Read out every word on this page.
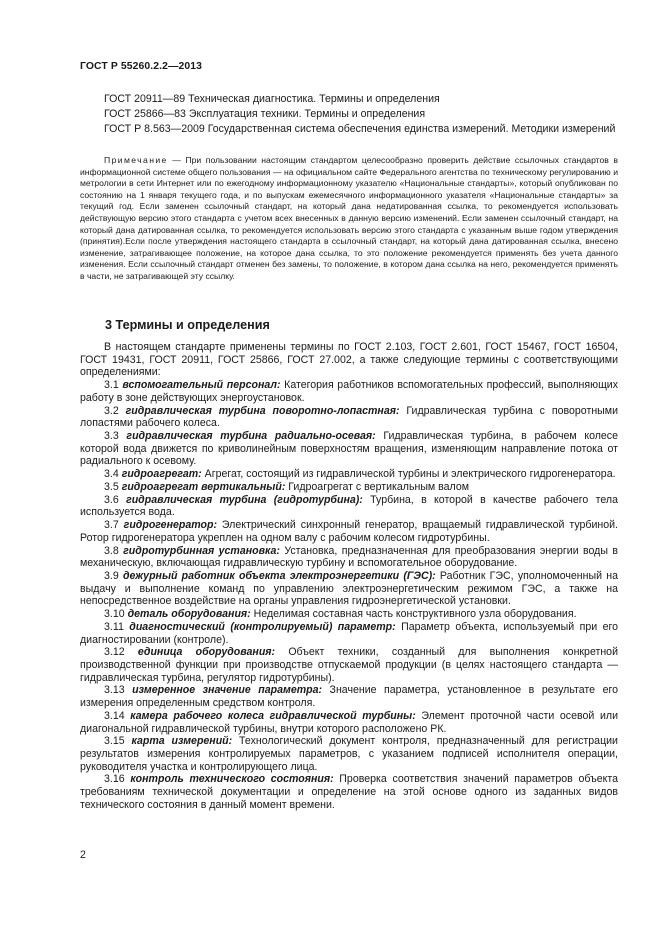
ГОСТ Р 55260.2.2—2013

ГОСТ 20911—89 Техническая диагностика. Термины и определения

ГОСТ 25866—83 Эксплуатация техники. Термины и определения

ГОСТ Р 8.563—2009 Государственная система обеспечения единства измерений. Методики измерений

Примечание — При пользовании настоящим стандартом целесообразно проверить действие ссылочных стандартов в информационной системе общего пользования — на официальном сайте Федерального агентства по техническому регулированию и метрологии в сети Интернет или по ежегодному информационному указателю «Национальные стандарты», который опубликован по состоянию на 1 января текущего года, и по выпускам ежемесячного информационного указателя «Национальные стандарты» за текущий год. Если заменен ссылочный стандарт, на который дана недатированная ссылка, то рекомендуется использовать действующую версию этого стандарта с учетом всех внесенных в данную версию изменений. Если заменен ссылочный стандарт, на который дана датированная ссылка, то рекомендуется использовать версию этого стандарта с указанным выше годом утверждения (принятия).Если после утверждения настоящего стандарта в ссылочный стандарт, на который дана датированная ссылка, внесено изменение, затрагивающее положение, на которое дана ссылка, то это положение рекомендуется применять без учета данного изменения. Если ссылочный стандарт отменен без замены, то положение, в котором дана ссылка на него, рекомендуется применять в части, не затрагивающей эту ссылку.

3 Термины и определения

В настоящем стандарте применены термины по ГОСТ 2.103, ГОСТ 2.601, ГОСТ 15467, ГОСТ 16504, ГОСТ 19431, ГОСТ 20911, ГОСТ 25866, ГОСТ 27.002, а также следующие термины с соответствующими определениями:

3.1 вспомогательный персонал: Категория работников вспомогательных профессий, выполняющих работу в зоне действующих энергоустановок.

3.2 гидравлическая турбина поворотно-лопастная: Гидравлическая турбина с поворотными лопастями рабочего колеса.

3.3 гидравлическая турбина радиально-осевая: Гидравлическая турбина, в рабочем колесе которой вода движется по криволинейным поверхностям вращения, изменяющим направление потока от радиального к осевому.

3.4 гидроагрегат: Агрегат, состоящий из гидравлической турбины и электрического гидрогенератора.

3.5 гидроагрегат вертикальный: Гидроагрегат с вертикальным валом

3.6 гидравлическая турбина (гидротурбина): Турбина, в которой в качестве рабочего тела используется вода.

3.7 гидрогенератор: Электрический синхронный генератор, вращаемый гидравлической турбиной. Ротор гидрогенератора укреплен на одном валу с рабочим колесом гидротурбины.

3.8 гидротурбинная установка: Установка, предназначенная для преобразования энергии воды в механическую, включающая гидравлическую турбину и вспомогательное оборудование.

3.9 дежурный работник объекта электроэнергетики (ГЭС): Работник ГЭС, уполномоченный на выдачу и выполнение команд по управлению электроэнергетическим режимом ГЭС, а также на непосредственное воздействие на органы управления гидроэнергетической установки.

3.10 деталь оборудования: Неделимая составная часть конструктивного узла оборудования.

3.11 диагностический (контролируемый) параметр: Параметр объекта, используемый при его диагностировании (контроле).

3.12 единица оборудования: Объект техники, созданный для выполнения конкретной производственной функции при производстве отпускаемой продукции (в целях настоящего стандарта — гидравлическая турбина, регулятор гидротурбины).

3.13 измеренное значение параметра: Значение параметра, установленное в результате его измерения определенным средством контроля.

3.14 камера рабочего колеса гидравлической турбины: Элемент проточной части осевой или диагональной гидравлической турбины, внутри которого расположено РК.

3.15 карта измерений: Технологический документ контроля, предназначенный для регистрации результатов измерения контролируемых параметров, с указанием подписей исполнителя операции, руководителя участка и контролирующего лица.

3.16 контроль технического состояния: Проверка соответствия значений параметров объекта требованиям технической документации и определение на этой основе одного из заданных видов технического состояния в данный момент времени.

2
